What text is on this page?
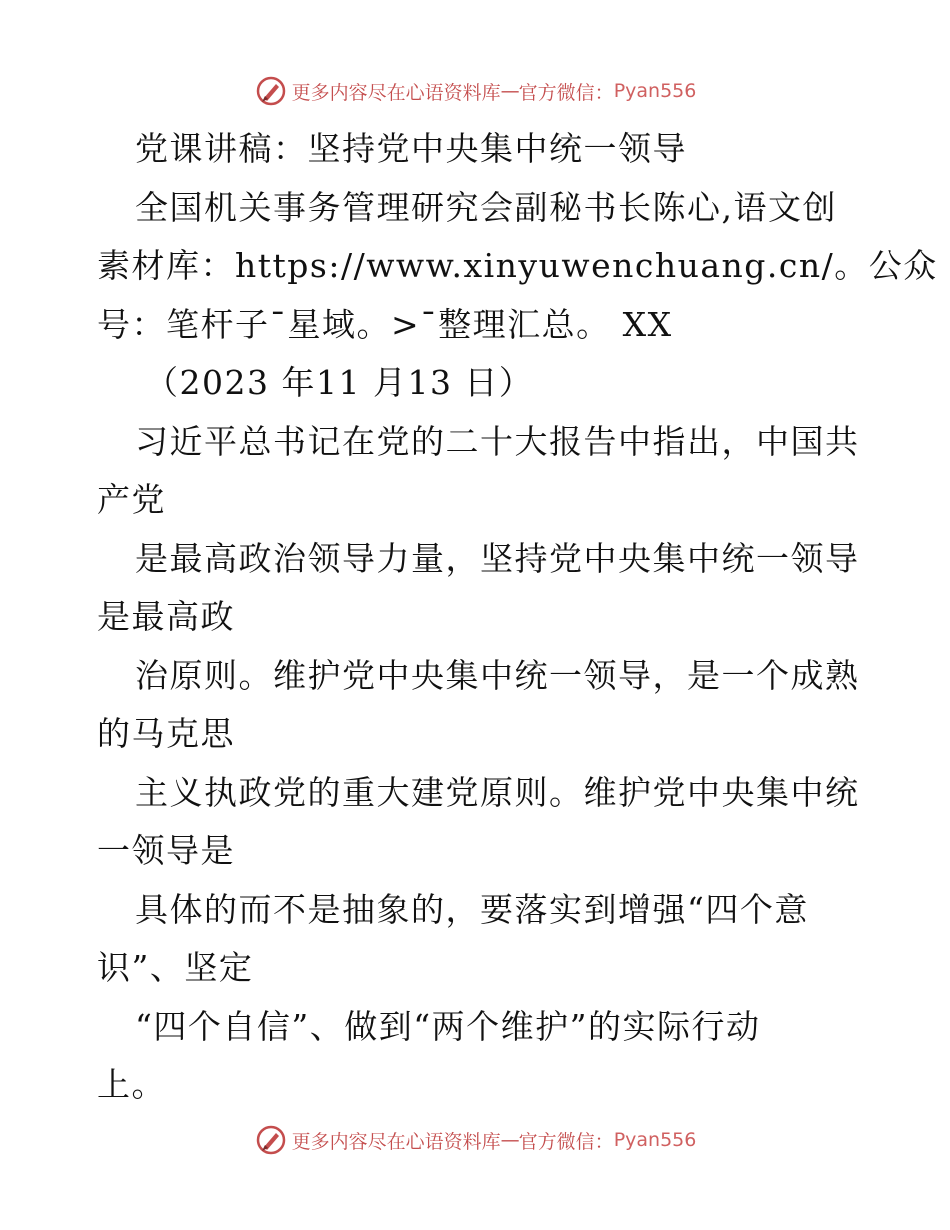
更多内容尽在心语资料库 — 官方微信： Pyan556
党课讲稿：坚持党中央集中统一领导
全国机关事务管理研究会副秘书长陈心,语文创
素材库：https://www.xinyuwenchuang.cn/。公众
号：笔杆子¯星域。>¯整理汇总。 XX
（2023 年11 月13 日）
习近平总书记在党的二十大报告中指出，中国共
产党
是最高政治领导力量，坚持党中央集中统一领导
是最高政
治原则。维护党中央集中统一领导，是一个成熟
的马克思
主义执政党的重大建党原则。维护党中央集中统
一领导是
具体的而不是抽象的，要落实到增强“四个意
识”、坚定
“四个自信”、做到“两个维护”的实际行动
上。
更多内容尽在心语资料库 — 官方微信： Pyan556
